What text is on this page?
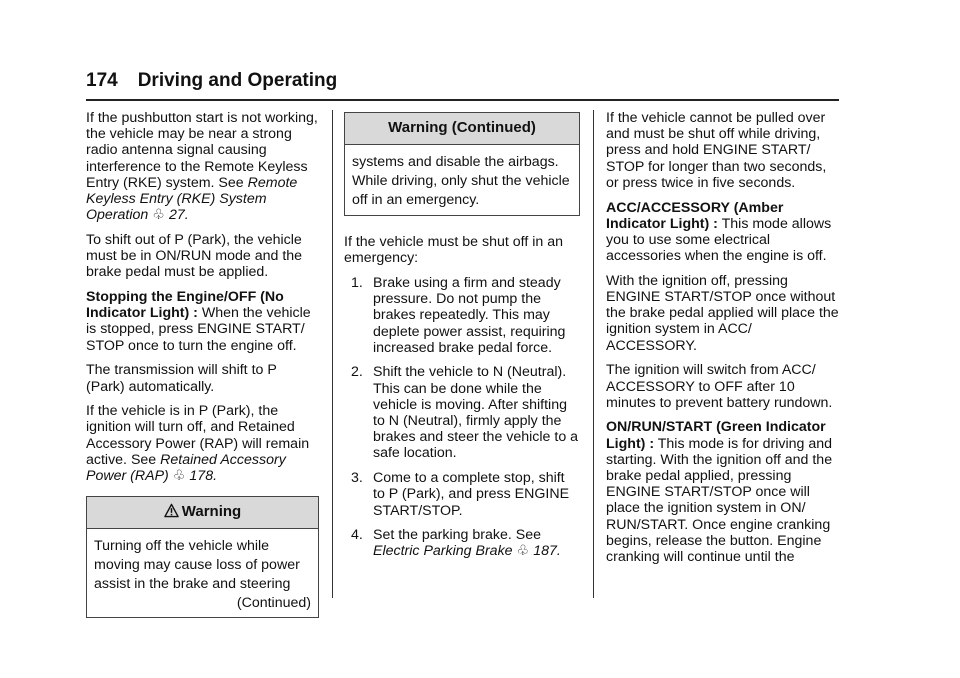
174 Driving and Operating

If the pushbutton start is not working, the vehicle may be near a strong radio antenna signal causing interference to the Remote Keyless Entry (RKE) system. See Remote Keyless Entry (RKE) System Operation ♧ 27.

To shift out of P (Park), the vehicle must be in ON/RUN mode and the brake pedal must be applied.

Stopping the Engine/OFF (No Indicator Light) : When the vehicle is stopped, press ENGINE START/ STOP once to turn the engine off.

The transmission will shift to P (Park) automatically.

If the vehicle is in P (Park), the ignition will turn off, and Retained Accessory Power (RAP) will remain active. See Retained Accessory Power (RAP) ♧ 178.

Warning
Turning off the vehicle while moving may cause loss of power assist in the brake and steering
(Continued)
Warning (Continued)
systems and disable the airbags. While driving, only shut the vehicle off in an emergency.

If the vehicle must be shut off in an emergency:

1. Brake using a firm and steady pressure. Do not pump the brakes repeatedly. This may deplete power assist, requiring increased brake pedal force.
2. Shift the vehicle to N (Neutral). This can be done while the vehicle is moving. After shifting to N (Neutral), firmly apply the brakes and steer the vehicle to a safe location.
3. Come to a complete stop, shift to P (Park), and press ENGINE START/STOP.
4. Set the parking brake. See Electric Parking Brake ♧ 187.

If the vehicle cannot be pulled over and must be shut off while driving, press and hold ENGINE START/ STOP for longer than two seconds, or press twice in five seconds.

ACC/ACCESSORY (Amber Indicator Light) : This mode allows you to use some electrical accessories when the engine is off.

With the ignition off, pressing ENGINE START/STOP once without the brake pedal applied will place the ignition system in ACC/ ACCESSORY.

The ignition will switch from ACC/ ACCESSORY to OFF after 10 minutes to prevent battery rundown.

ON/RUN/START (Green Indicator Light) : This mode is for driving and starting. With the ignition off and the brake pedal applied, pressing ENGINE START/STOP once will place the ignition system in ON/ RUN/START. Once engine cranking begins, release the button. Engine cranking will continue until the
